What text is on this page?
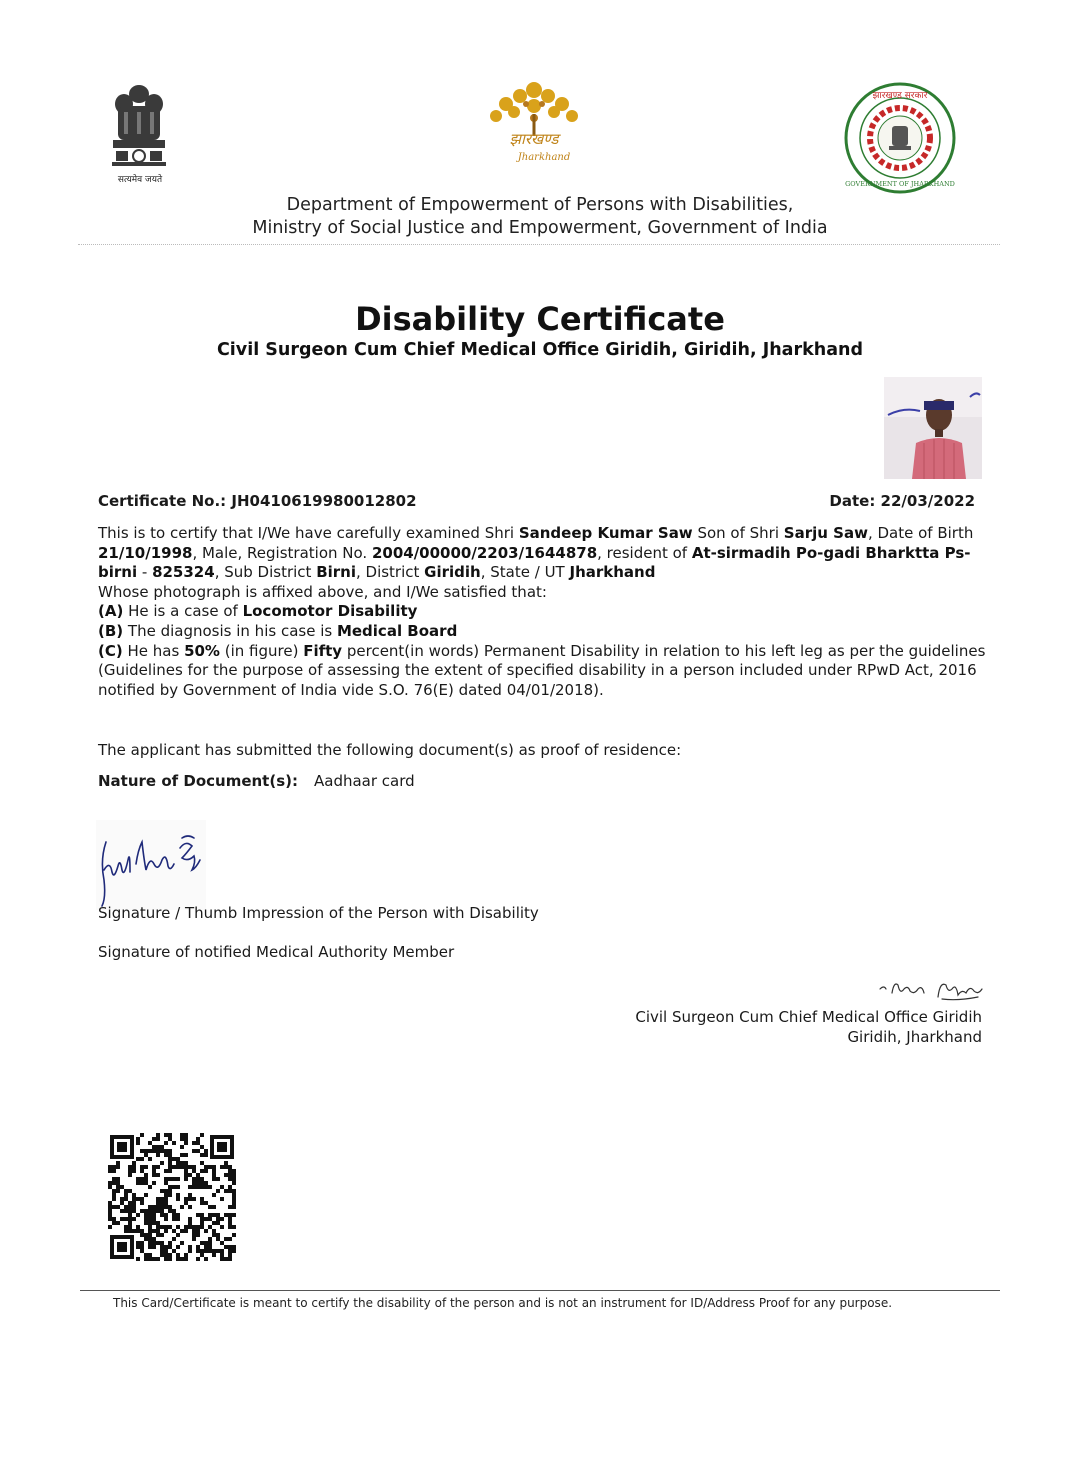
सत्यमेव जयते
झारखण्ड
Jharkhand
झारखण्ड सरकार
GOVERNMENT OF JHARKHAND
Department of Empowerment of Persons with Disabilities,
Ministry of Social Justice and Empowerment, Government of India
Disability Certificate
Civil Surgeon Cum Chief Medical Office Giridih, Giridih, Jharkhand
Certificate No.: JH0410619980012802	Date: 22/03/2022
This is to certify that I/We have carefully examined Shri Sandeep Kumar Saw Son of Shri Sarju Saw, Date of Birth 21/10/1998, Male, Registration No. 2004/00000/2203/1644878, resident of At-sirmadih Po-gadi Bharktta Ps-birni - 825324, Sub District Birni, District Giridih, State / UT Jharkhand
Whose photograph is affixed above, and I/We satisfied that:
(A) He is a case of Locomotor Disability
(B) The diagnosis in his case is Medical Board
(C) He has 50% (in figure) Fifty percent(in words) Permanent Disability in relation to his left leg as per the guidelines (Guidelines for the purpose of assessing the extent of specified disability in a person included under RPwD Act, 2016 notified by Government of India vide S.O. 76(E) dated 04/01/2018).
The applicant has submitted the following document(s) as proof of residence:
Nature of Document(s): Aadhaar card
Signature / Thumb Impression of the Person with Disability
Signature of notified Medical Authority Member
Civil Surgeon Cum Chief Medical Office Giridih
Giridih, Jharkhand
This Card/Certificate is meant to certify the disability of the person and is not an instrument for ID/Address Proof for any purpose.
